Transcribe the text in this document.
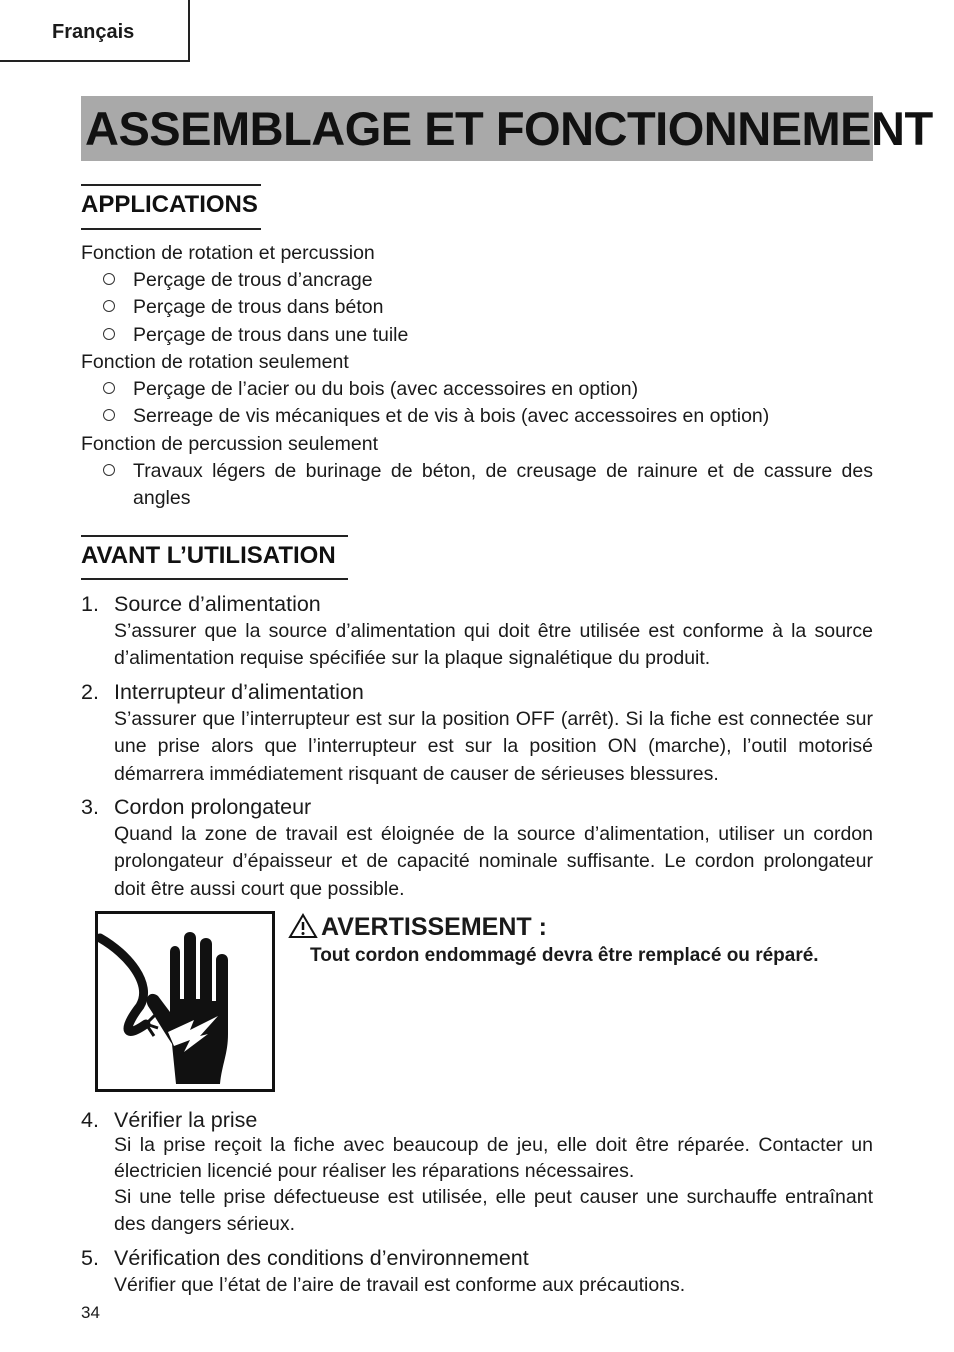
Français
ASSEMBLAGE ET FONCTIONNEMENT
APPLICATIONS
Fonction de rotation et percussion
Perçage de trous d’ancrage
Perçage de trous dans béton
Perçage de trous dans une tuile
Fonction de rotation seulement
Perçage de l’acier ou du bois (avec accessoires en option)
Serreage de vis mécaniques et de vis à bois (avec accessoires en option)
Fonction de percussion seulement
Travaux légers de burinage de béton, de creusage de rainure et de cassure des angles
AVANT L’UTILISATION
1. Source d’alimentation
S’assurer que la source d’alimentation qui doit être utilisée est conforme à la source d’alimentation requise spécifiée sur la plaque signalétique du produit.
2. Interrupteur d’alimentation
S’assurer que l’interrupteur est sur la position OFF (arrêt). Si la fiche est connectée sur une prise alors que l’interrupteur est sur la position ON (marche), l’outil motorisé démarrera immédiatement risquant de causer de sérieuses blessures.
3. Cordon prolongateur
Quand la zone de travail est éloignée de la source d’alimentation, utiliser un cordon prolongateur d’épaisseur et de capacité nominale suffisante. Le cordon prolongateur doit être aussi court que possible.
AVERTISSEMENT :
Tout cordon endommagé devra être remplacé ou réparé.
4. Vérifier la prise
Si la prise reçoit la fiche avec beaucoup de jeu, elle doit être réparée. Contacter un électricien licencié pour réaliser les réparations nécessaires.
Si une telle prise défectueuse est utilisée, elle peut causer une surchauffe entraînant des dangers sérieux.
5. Vérification des conditions d’environnement
Vérifier que l’état de l’aire de travail est conforme aux précautions.
34
